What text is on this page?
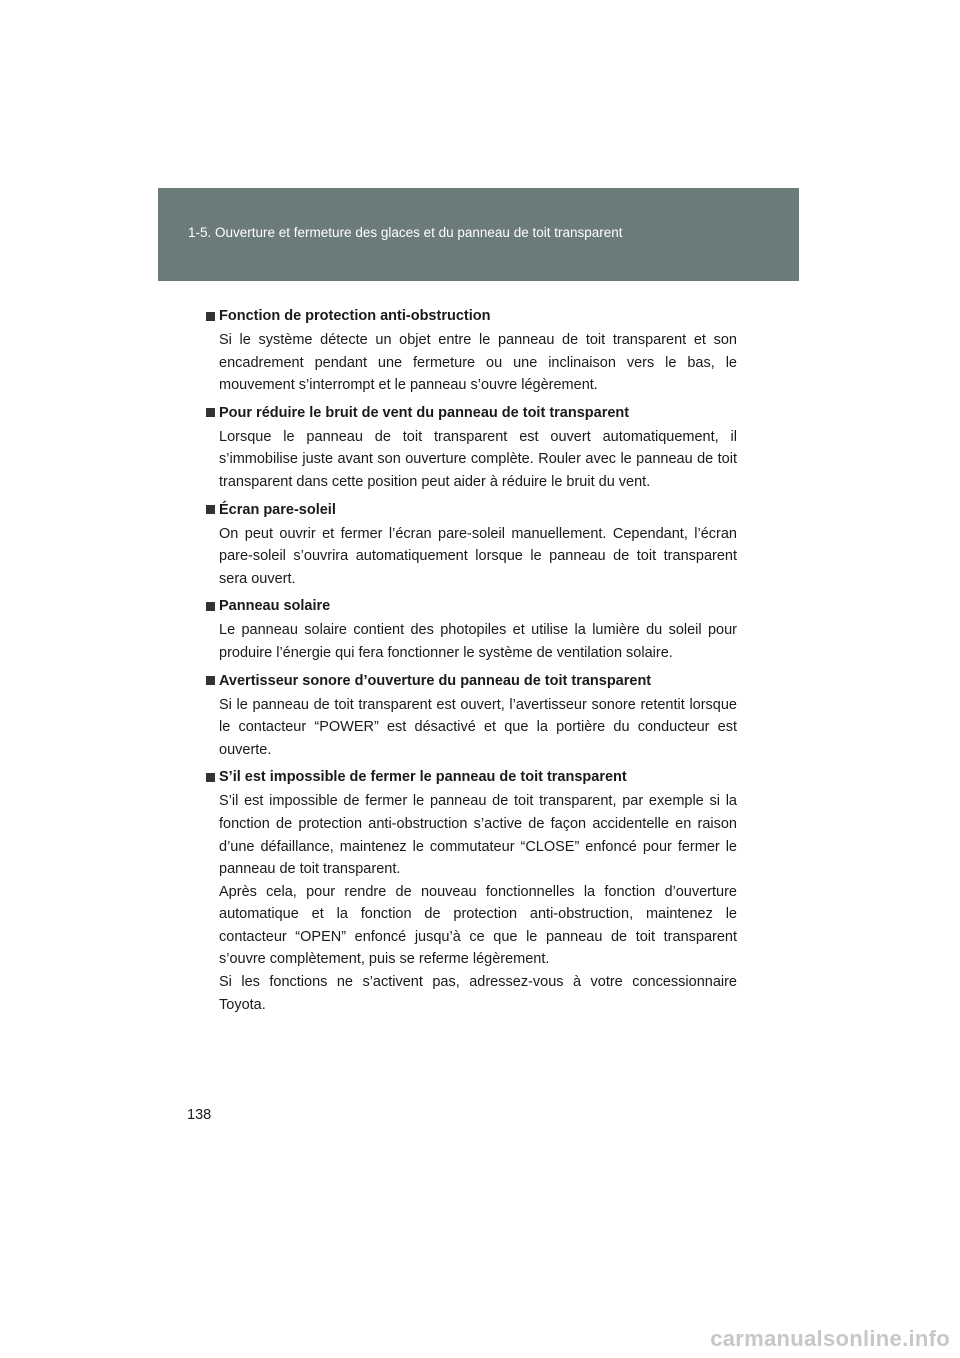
1-5. Ouverture et fermeture des glaces et du panneau de toit transparent
Fonction de protection anti-obstruction

Si le système détecte un objet entre le panneau de toit transparent et son encadrement pendant une fermeture ou une inclinaison vers le bas, le mouvement s’interrompt et le panneau s’ouvre légèrement.

Pour réduire le bruit de vent du panneau de toit transparent

Lorsque le panneau de toit transparent est ouvert automatiquement, il s’immobilise juste avant son ouverture complète. Rouler avec le panneau de toit transparent dans cette position peut aider à réduire le bruit du vent.

Écran pare-soleil

On peut ouvrir et fermer l’écran pare-soleil manuellement. Cependant, l’écran pare-soleil s’ouvrira automatiquement lorsque le panneau de toit transparent sera ouvert.

Panneau solaire

Le panneau solaire contient des photopiles et utilise la lumière du soleil pour produire l’énergie qui fera fonctionner le système de ventilation solaire.

Avertisseur sonore d’ouverture du panneau de toit transparent

Si le panneau de toit transparent est ouvert, l’avertisseur sonore retentit lorsque le contacteur “POWER” est désactivé et que la portière du conducteur est ouverte.

S’il est impossible de fermer le panneau de toit transparent

S’il est impossible de fermer le panneau de toit transparent, par exemple si la fonction de protection anti-obstruction s’active de façon accidentelle en raison d’une défaillance, maintenez le commutateur “CLOSE” enfoncé pour fermer le panneau de toit transparent.

Après cela, pour rendre de nouveau fonctionnelles la fonction d’ouverture automatique et la fonction de protection anti-obstruction, maintenez le contacteur “OPEN” enfoncé jusqu’à ce que le panneau de toit transparent s’ouvre complètement, puis se referme légèrement.

Si les fonctions ne s’activent pas, adressez-vous à votre concessionnaire Toyota.

138
carmanualsonline.info
